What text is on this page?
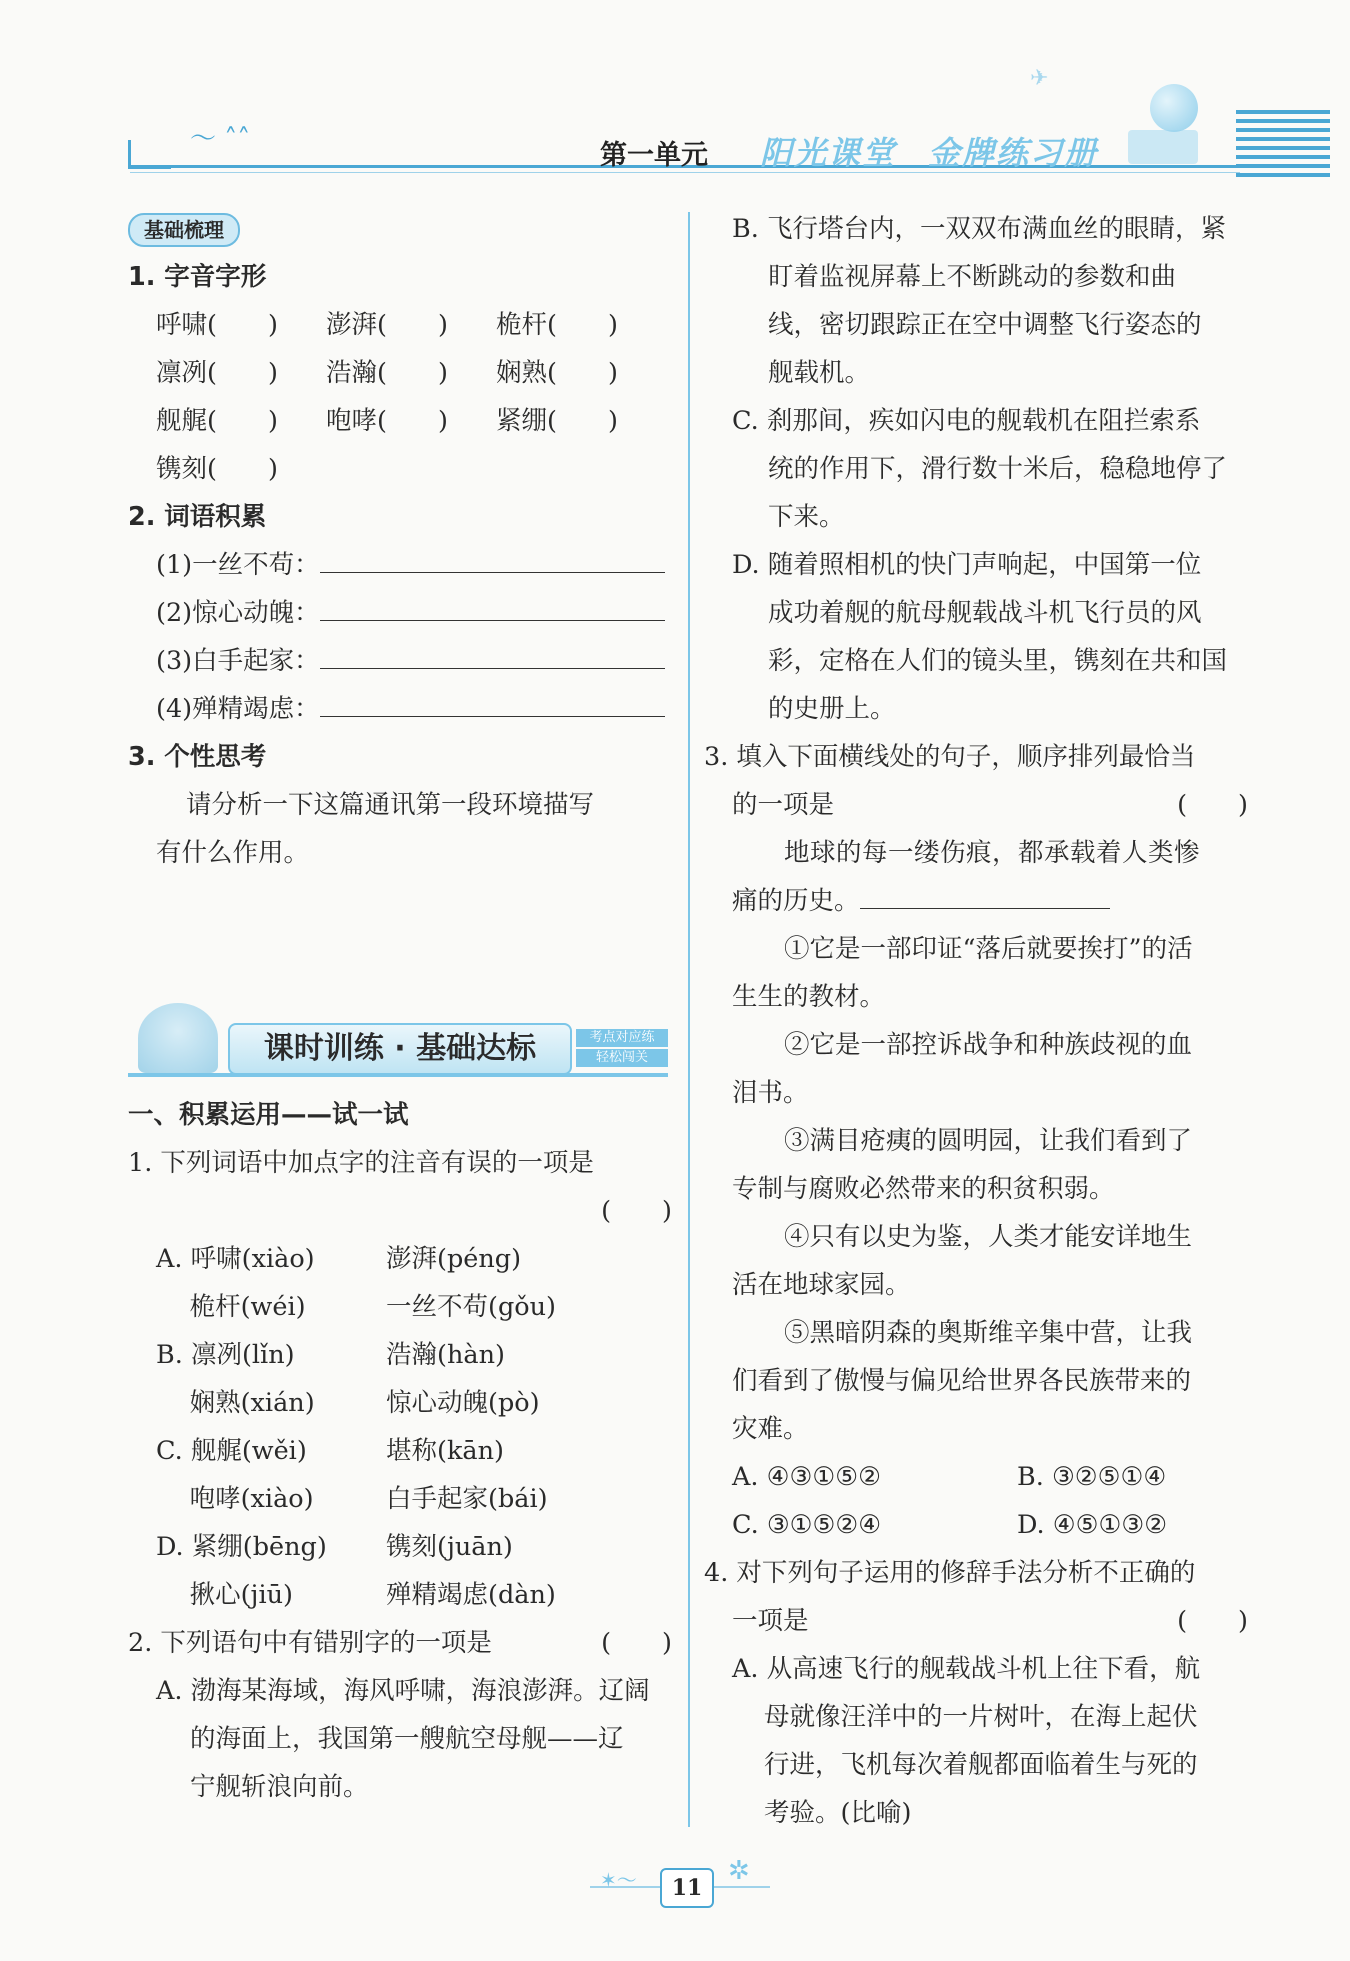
〜 ˄˄
✈
第一单元 阳光课堂 金牌练习册
基础梳理
1. 字音字形
呼啸(　　)	澎湃(　　)	桅杆(　　)
凛冽(　　)	浩瀚(　　)	娴熟(　　)
舰艉(　　)	咆哮(　　)	紧绷(　　)
镌刻(　　)
2. 词语积累
(1)一丝不苟：
(2)惊心动魄：
(3)白手起家：
(4)殚精竭虑：
3. 个性思考
请分析一下这篇通讯第一段环境描写
有什么作用。
课时训练 · 基础达标	考点对应练
轻松闯关
一、积累运用——试一试
1. 下列词语中加点字的注音有误的一项是
(　　)
A. 呼啸(xiào)	澎湃(péng)
　 桅杆(wéi)	一丝不苟(gǒu)
B. 凛冽(lǐn)	浩瀚(hàn)
　 娴熟(xián)	惊心动魄(pò)
C. 舰艉(wěi)	堪称(kān)
　 咆哮(xiào)	白手起家(bái)
D. 紧绷(bēng)	镌刻(juān)
　 揪心(jiū)	殚精竭虑(dàn)
2. 下列语句中有错别字的一项是	(　　)
A. 渤海某海域，海风呼啸，海浪澎湃。辽阔
的海面上，我国第一艘航空母舰——辽
宁舰斩浪向前。
B. 飞行塔台内，一双双布满血丝的眼睛，紧
盯着监视屏幕上不断跳动的参数和曲
线，密切跟踪正在空中调整飞行姿态的
舰载机。
C. 刹那间，疾如闪电的舰载机在阻拦索系
统的作用下，滑行数十米后，稳稳地停了
下来。
D. 随着照相机的快门声响起，中国第一位
成功着舰的航母舰载战斗机飞行员的风
彩，定格在人们的镜头里，镌刻在共和国
的史册上。
3. 填入下面横线处的句子，顺序排列最恰当
的一项是	(　　)
地球的每一缕伤痕，都承载着人类惨
痛的历史。
①它是一部印证“落后就要挨打”的活
生生的教材。
②它是一部控诉战争和种族歧视的血
泪书。
③满目疮痍的圆明园，让我们看到了
专制与腐败必然带来的积贫积弱。
④只有以史为鉴，人类才能安详地生
活在地球家园。
⑤黑暗阴森的奥斯维辛集中营，让我
们看到了傲慢与偏见给世界各民族带来的
灾难。
A. ④③①⑤②	B. ③②⑤①④
C. ③①⑤②④	D. ④⑤①③②
4. 对下列句子运用的修辞手法分析不正确的
一项是	(　　)
A. 从高速飞行的舰载战斗机上往下看，航
母就像汪洋中的一片树叶，在海上起伏
行进，飞机每次着舰都面临着生与死的
考验。(比喻)
✶～	✲
11
